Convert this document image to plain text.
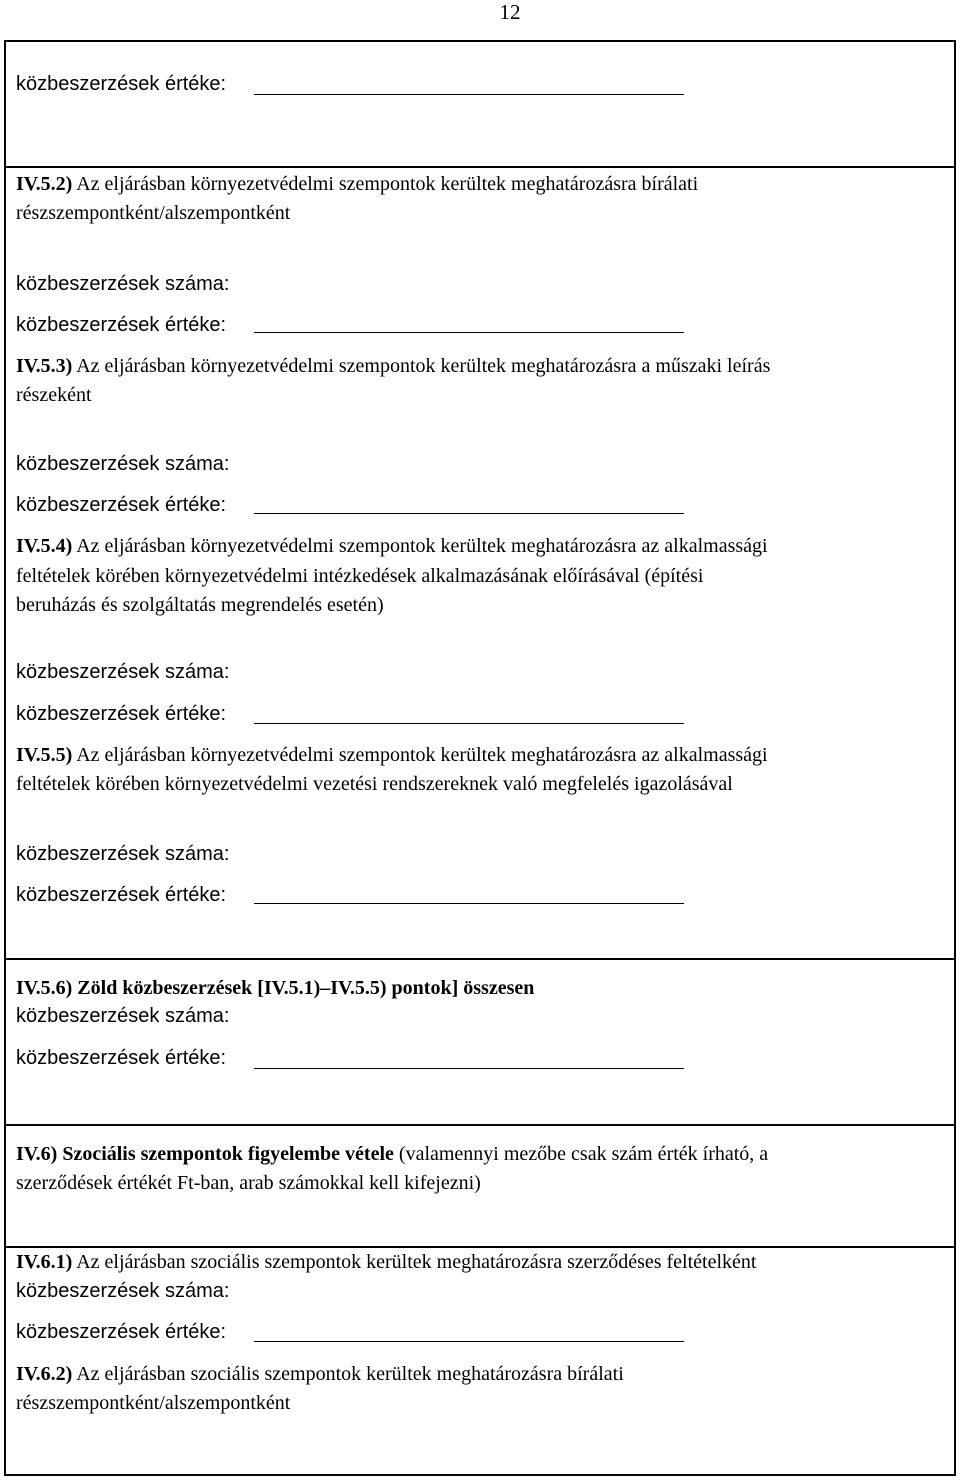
12
közbeszerzések értéke:
IV.5.2) Az eljárásban környezetvédelmi szempontok kerültek meghatározásra bírálati
részszempontként/alszempontként
közbeszerzések száma:
közbeszerzések értéke:
IV.5.3) Az eljárásban környezetvédelmi szempontok kerültek meghatározásra a műszaki leírás
részeként
közbeszerzések száma:
közbeszerzések értéke:
IV.5.4) Az eljárásban környezetvédelmi szempontok kerültek meghatározásra az alkalmassági
feltételek körében környezetvédelmi intézkedések alkalmazásának előírásával (építési
beruházás és szolgáltatás megrendelés esetén)
közbeszerzések száma:
közbeszerzések értéke:
IV.5.5) Az eljárásban környezetvédelmi szempontok kerültek meghatározásra az alkalmassági
feltételek körében környezetvédelmi vezetési rendszereknek való megfelelés igazolásával
közbeszerzések száma:
közbeszerzések értéke:
IV.5.6) Zöld közbeszerzések [IV.5.1)–IV.5.5) pontok] összesen
közbeszerzések száma:
közbeszerzések értéke:
IV.6) Szociális szempontok figyelembe vétele (valamennyi mezőbe csak szám érték írható, a
szerződések értékét Ft-ban, arab számokkal kell kifejezni)
IV.6.1) Az eljárásban szociális szempontok kerültek meghatározásra szerződéses feltételként
közbeszerzések száma:
közbeszerzések értéke:
IV.6.2) Az eljárásban szociális szempontok kerültek meghatározásra bírálati
részszempontként/alszempontként
